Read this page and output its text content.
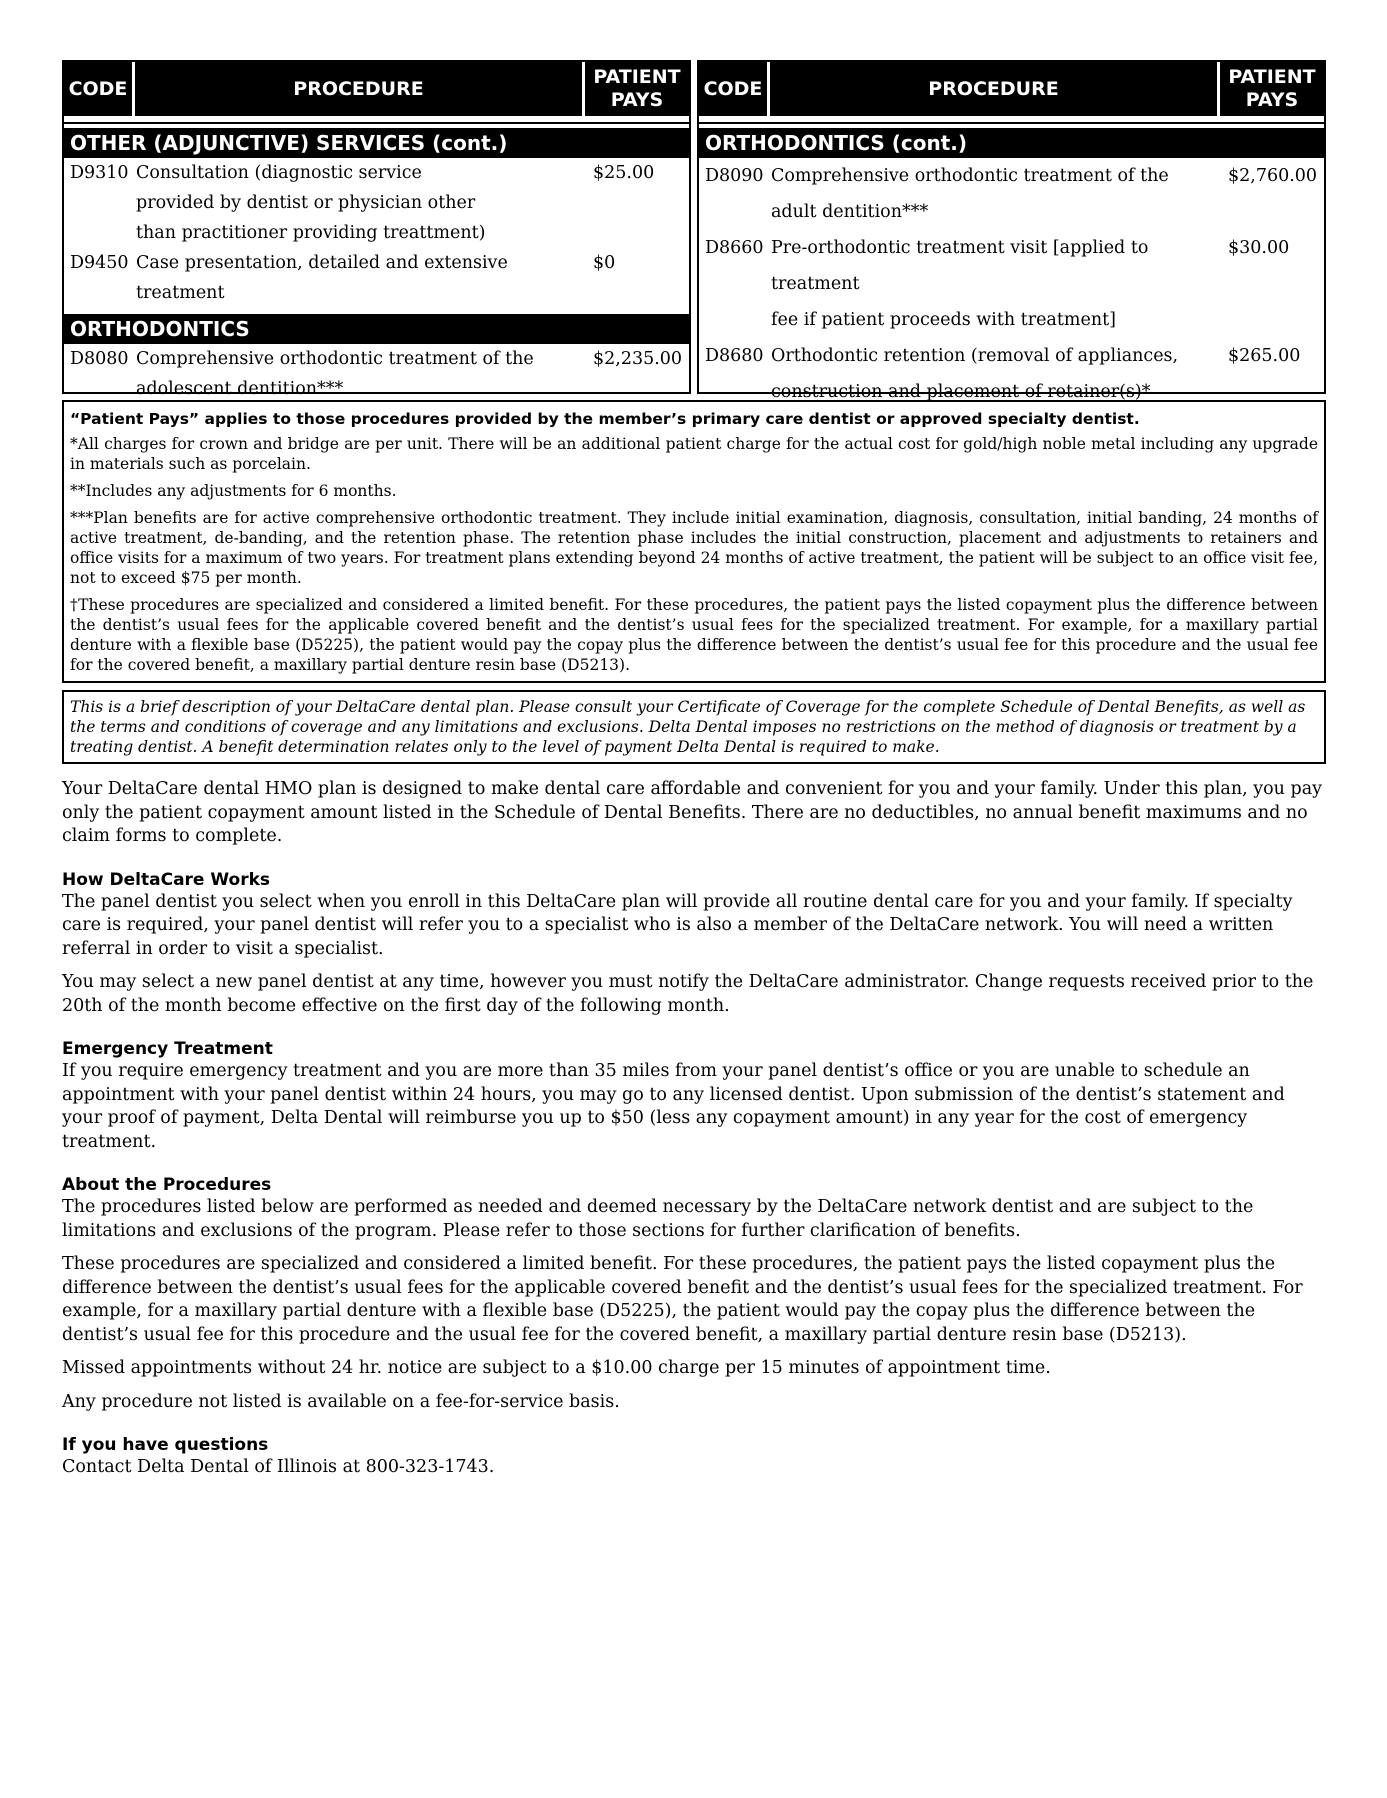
CODE	PROCEDURE
PATIENT PAYS
OTHER (ADJUNCTIVE) SERVICES (cont.)
D9310 Consultation (diagnostic service
provided by dentist or physician other
than practitioner providing treattment)
$25.00
D9450 Case presentation, detailed and extensive treatment
$0
ORTHODONTICS
D8080 Comprehensive orthodontic treatment of the
adolescent dentition***
$2,235.00
CODE	PROCEDURE
PATIENT PAYS
ORTHODONTICS (cont.)
D8090 Comprehensive orthodontic treatment of the
adult dentition***
$2,760.00
D8660 Pre-orthodontic treatment visit [applied to treatment
fee if patient proceeds with treatment]
$30.00
D8680 Orthodontic retention (removal of appliances,
construction and placement of retainer(s)*
$265.00
“Patient Pays” applies to those procedures provided by the member’s primary care dentist or approved specialty dentist.

*All charges for crown and bridge are per unit. There will be an additional patient charge for the actual cost for gold/high noble metal including any upgrade in materials such as porcelain.

**Includes any adjustments for 6 months.

***Plan benefits are for active comprehensive orthodontic treatment. They include initial examination, diagnosis, consultation, initial banding, 24 months of active treatment, de-banding, and the retention phase. The retention phase includes the initial construction, placement and adjustments to retainers and office visits for a maximum of two years. For treatment plans extending beyond 24 months of active treatment, the patient will be subject to an office visit fee, not to exceed $75 per month.

†These procedures are specialized and considered a limited benefit. For these procedures, the patient pays the listed copayment plus the difference between the dentist’s usual fees for the applicable covered benefit and the dentist’s usual fees for the specialized treatment. For example, for a maxillary partial denture with a flexible base (D5225), the patient would pay the copay plus the difference between the dentist’s usual fee for this procedure and the usual fee for the covered benefit, a maxillary partial denture resin base (D5213).

This is a brief description of your DeltaCare dental plan. Please consult your Certificate of Coverage for the complete Schedule of Dental Benefits, as well as the terms and conditions of coverage and any limitations and exclusions. Delta Dental imposes no restrictions on the method of diagnosis or treatment by a treating dentist. A benefit determination relates only to the level of payment Delta Dental is required to make.

Your DeltaCare dental HMO plan is designed to make dental care affordable and convenient for you and your family. Under this plan, you pay only the patient copayment amount listed in the Schedule of Dental Benefits. There are no deductibles, no annual benefit maximums and no claim forms to complete.

How DeltaCare Works

The panel dentist you select when you enroll in this DeltaCare plan will provide all routine dental care for you and your family. If specialty care is required, your panel dentist will refer you to a specialist who is also a member of the DeltaCare network. You will need a written referral in order to visit a specialist.

You may select a new panel dentist at any time, however you must notify the DeltaCare administrator. Change requests received prior to the 20th of the month become effective on the first day of the following month.

Emergency Treatment

If you require emergency treatment and you are more than 35 miles from your panel dentist’s office or you are unable to schedule an appointment with your panel dentist within 24 hours, you may go to any licensed dentist. Upon submission of the dentist’s statement and your proof of payment, Delta Dental will reimburse you up to $50 (less any copayment amount) in any year for the cost of emergency treatment.

About the Procedures

The procedures listed below are performed as needed and deemed necessary by the DeltaCare network dentist and are subject to the limitations and exclusions of the program. Please refer to those sections for further clarification of benefits.

These procedures are specialized and considered a limited benefit. For these procedures, the patient pays the listed copayment plus the difference between the dentist’s usual fees for the applicable covered benefit and the dentist’s usual fees for the specialized treatment. For example, for a maxillary partial denture with a flexible base (D5225), the patient would pay the copay plus the difference between the dentist’s usual fee for this procedure and the usual fee for the covered benefit, a maxillary partial denture resin base (D5213).

Missed appointments without 24 hr. notice are subject to a $10.00 charge per 15 minutes of appointment time.

Any procedure not listed is available on a fee-for-service basis.

If you have questions

Contact Delta Dental of Illinois at 800-323-1743.
